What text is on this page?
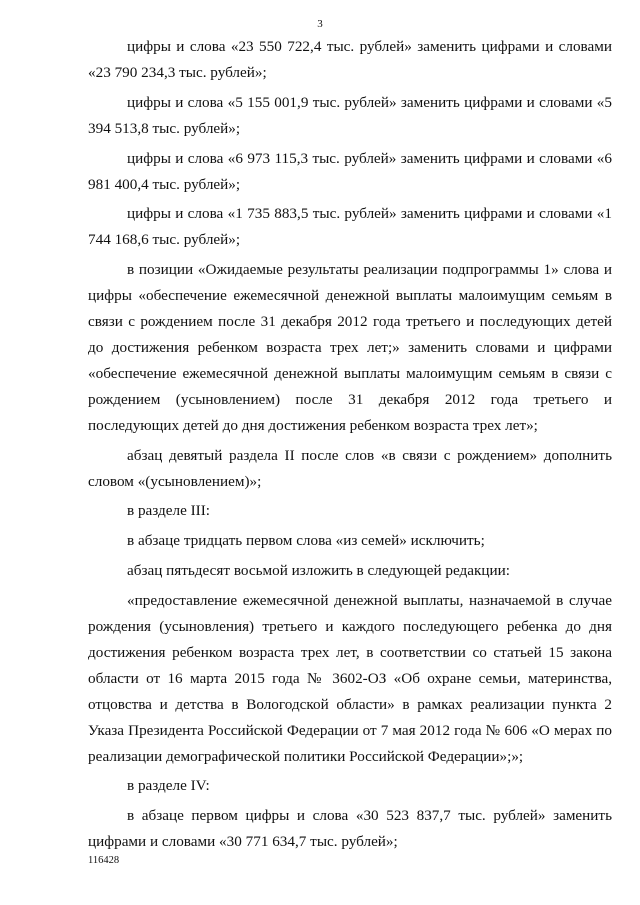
3

цифры и слова «23 550 722,4 тыс. рублей» заменить цифрами и словами «23 790 234,3 тыс. рублей»;

цифры и слова «5 155 001,9 тыс. рублей» заменить цифрами и словами «5 394 513,8 тыс. рублей»;

цифры и слова «6 973 115,3 тыс. рублей» заменить цифрами и словами «6 981 400,4 тыс. рублей»;

цифры и слова «1 735 883,5 тыс. рублей» заменить цифрами и словами «1 744 168,6 тыс. рублей»;

в позиции «Ожидаемые результаты реализации подпрограммы 1» слова и цифры «обеспечение ежемесячной денежной выплаты малоимущим семьям в связи с рождением после 31 декабря 2012 года третьего и последующих детей до достижения ребенком возраста трех лет;» заменить словами и цифрами «обеспечение ежемесячной денежной выплаты малоимущим семьям в связи с рождением (усыновлением) после 31 декабря 2012 года третьего и последующих детей до дня достижения ребенком возраста трех лет»;

абзац девятый раздела II после слов «в связи с рождением» дополнить словом «(усыновлением)»;

в разделе III:

в абзаце тридцать первом слова «из семей» исключить;

абзац пятьдесят восьмой изложить в следующей редакции:

«предоставление ежемесячной денежной выплаты, назначаемой в случае рождения (усыновления) третьего и каждого последующего ребенка до дня достижения ребенком возраста трех лет, в соответствии со статьей 15 закона области от 16 марта 2015 года № 3602-ОЗ «Об охране семьи, материнства, отцовства и детства в Вологодской области» в рамках реализации пункта 2 Указа Президента Российской Федерации от 7 мая 2012 года № 606 «О мерах по реализации демографической политики Российской Федерации»;»;

в разделе IV:

в абзаце первом цифры и слова «30 523 837,7 тыс. рублей» заменить цифрами и словами «30 771 634,7 тыс. рублей»;

116428
